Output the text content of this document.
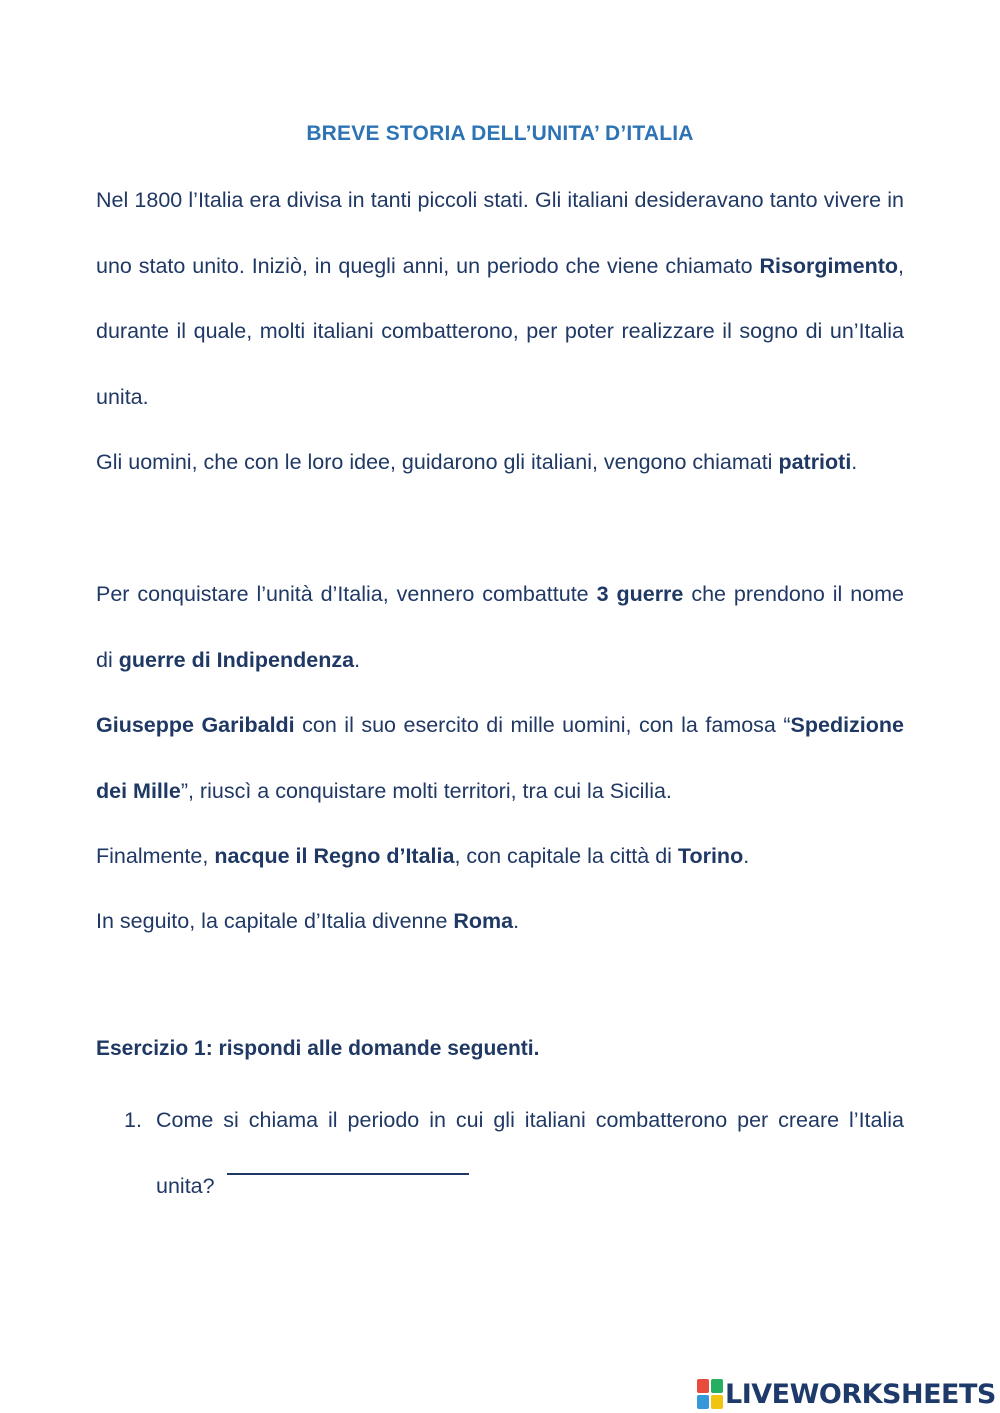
BREVE STORIA DELL’UNITA’ D’ITALIA

Nel 1800 l’Italia era divisa in tanti piccoli stati. Gli italiani desideravano tanto vivere in uno stato unito. Iniziò, in quegli anni, un periodo che viene chiamato Risorgimento, durante il quale, molti italiani combatterono, per poter realizzare il sogno di un’Italia unita.

Gli uomini, che con le loro idee, guidarono gli italiani, vengono chiamati patrioti.

Per conquistare l’unità d’Italia, vennero combattute 3 guerre che prendono il nome di guerre di Indipendenza.

Giuseppe Garibaldi con il suo esercito di mille uomini, con la famosa “Spedizione dei Mille”, riuscì a conquistare molti territori, tra cui la Sicilia.

Finalmente, nacque il Regno d’Italia, con capitale la città di Torino.

In seguito, la capitale d’Italia divenne Roma.

Esercizio 1: rispondi alle domande seguenti.

1. Come si chiama il periodo in cui gli italiani combatterono per creare l’Italia unita?
LIVEWORKSHEETS
